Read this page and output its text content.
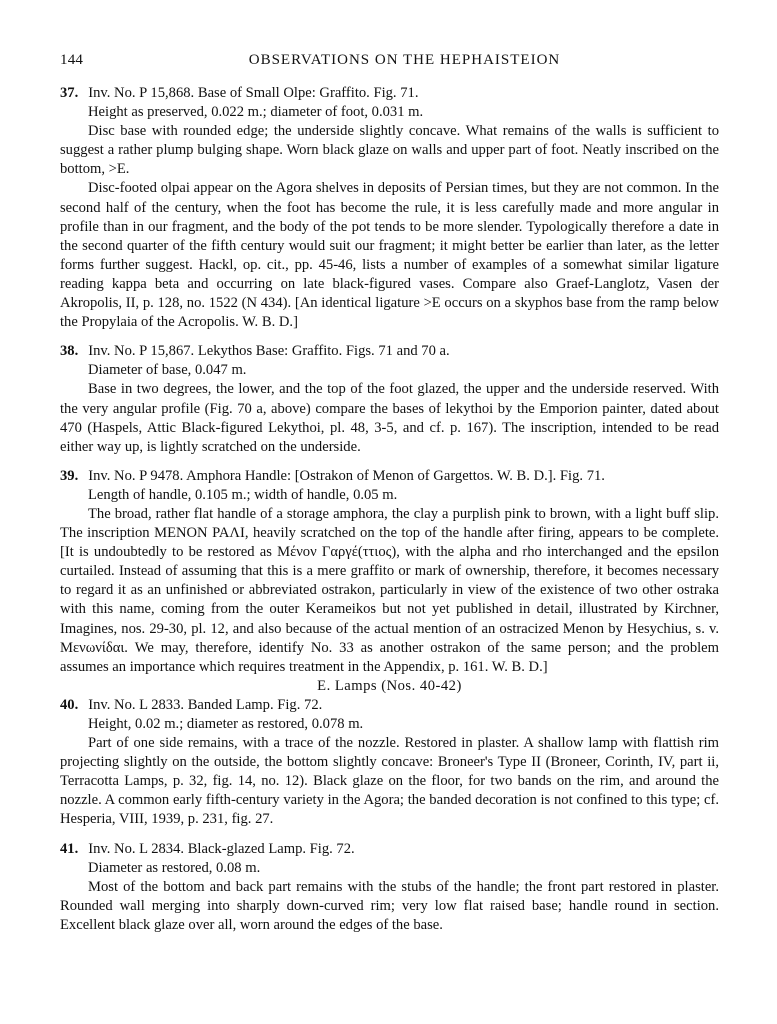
144	OBSERVATIONS ON THE HEPHAISTEION

37. Inv. No. P 15,868. Base of Small Olpe: Graffito. Fig. 71.

Height as preserved, 0.022 m.; diameter of foot, 0.031 m.

Disc base with rounded edge; the underside slightly concave. What remains of the walls is sufficient to suggest a rather plump bulging shape. Worn black glaze on walls and upper part of foot. Neatly inscribed on the bottom, >E.

Disc-footed olpai appear on the Agora shelves in deposits of Persian times, but they are not common. In the second half of the century, when the foot has become the rule, it is less carefully made and more angular in profile than in our fragment, and the body of the pot tends to be more slender. Typologically therefore a date in the second quarter of the fifth century would suit our fragment; it might better be earlier than later, as the letter forms further suggest. Hackl, op. cit., pp. 45-46, lists a number of examples of a somewhat similar ligature reading kappa beta and occurring on late black-figured vases. Compare also Graef-Langlotz, Vasen der Akropolis, II, p. 128, no. 1522 (N 434). [An identical ligature >E occurs on a skyphos base from the ramp below the Propylaia of the Acropolis. W. B. D.]

38. Inv. No. P 15,867. Lekythos Base: Graffito. Figs. 71 and 70 a.

Diameter of base, 0.047 m.

Base in two degrees, the lower, and the top of the foot glazed, the upper and the underside reserved. With the very angular profile (Fig. 70 a, above) compare the bases of lekythoi by the Emporion painter, dated about 470 (Haspels, Attic Black-figured Lekythoi, pl. 48, 3-5, and cf. p. 167). The inscription, intended to be read either way up, is lightly scratched on the underside.

39. Inv. No. P 9478. Amphora Handle: [Ostrakon of Menon of Gargettos. W. B. D.]. Fig. 71.

Length of handle, 0.105 m.; width of handle, 0.05 m.

The broad, rather flat handle of a storage amphora, the clay a purplish pink to brown, with a light buff slip. The inscription ΜΕΝΟΝ ΡΑΛΙ, heavily scratched on the top of the handle after firing, appears to be complete. [It is undoubtedly to be restored as Μένον Γαργέ(ττιος), with the alpha and rho interchanged and the epsilon curtailed. Instead of assuming that this is a mere graffito or mark of ownership, therefore, it becomes necessary to regard it as an unfinished or abbreviated ostrakon, particularly in view of the existence of two other ostraka with this name, coming from the outer Kerameikos but not yet published in detail, illustrated by Kirchner, Imagines, nos. 29-30, pl. 12, and also because of the actual mention of an ostracized Menon by Hesychius, s. v. Μενωνίδαι. We may, therefore, identify No. 33 as another ostrakon of the same person; and the problem assumes an importance which requires treatment in the Appendix, p. 161. W. B. D.]

E. Lamps (Nos. 40-42)

40. Inv. No. L 2833. Banded Lamp. Fig. 72.

Height, 0.02 m.; diameter as restored, 0.078 m.

Part of one side remains, with a trace of the nozzle. Restored in plaster. A shallow lamp with flattish rim projecting slightly on the outside, the bottom slightly concave: Broneer's Type II (Broneer, Corinth, IV, part ii, Terracotta Lamps, p. 32, fig. 14, no. 12). Black glaze on the floor, for two bands on the rim, and around the nozzle. A common early fifth-century variety in the Agora; the banded decoration is not confined to this type; cf. Hesperia, VIII, 1939, p. 231, fig. 27.

41. Inv. No. L 2834. Black-glazed Lamp. Fig. 72.

Diameter as restored, 0.08 m.

Most of the bottom and back part remains with the stubs of the handle; the front part restored in plaster. Rounded wall merging into sharply down-curved rim; very low flat raised base; handle round in section. Excellent black glaze over all, worn around the edges of the base.
